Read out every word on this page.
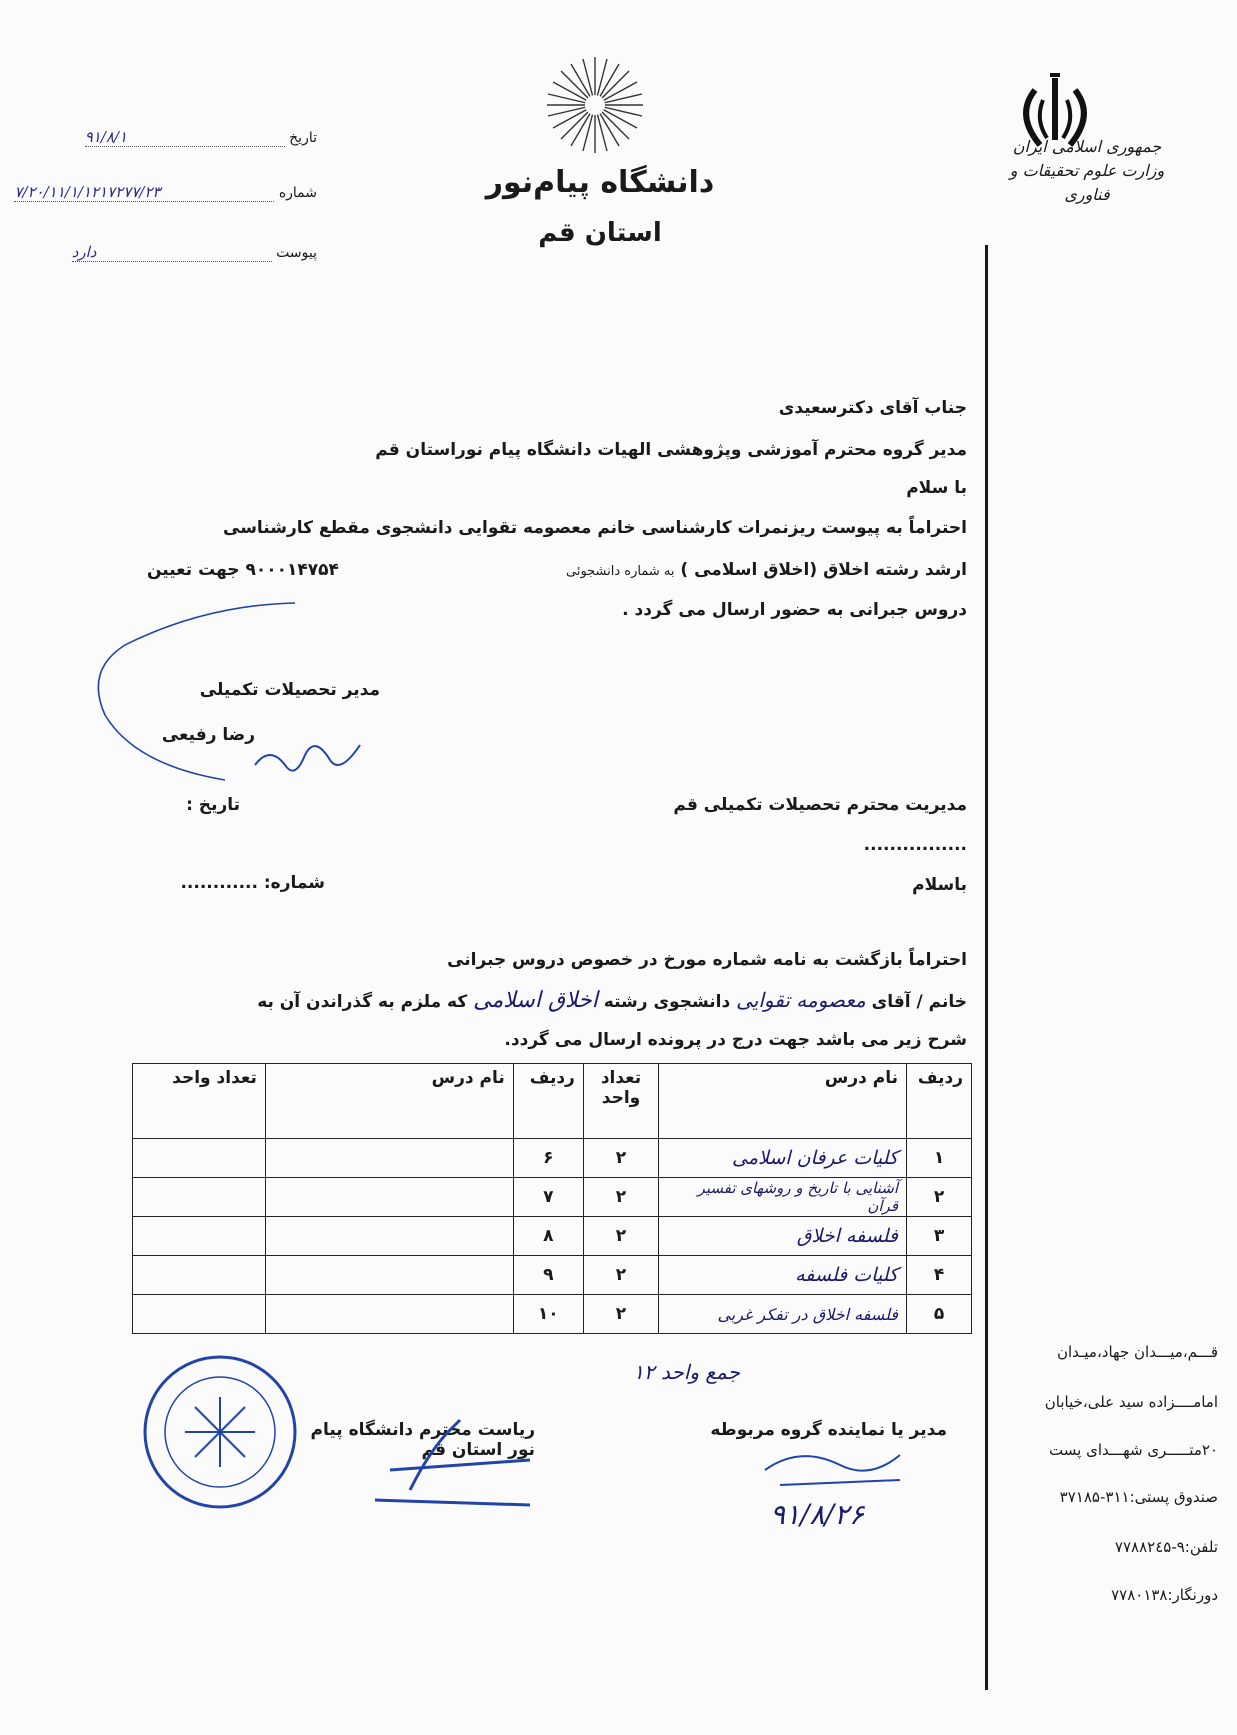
جمهوری اسلامی ایران
وزارت علوم تحقیقات و فناوری
دانشگاه پیام‌نور
استان قم
تاریخ ۹۱/۸/۱
شماره ۷/۲۰/۱۱/۱/۱۲۱۷۲۷۷/۲۳
پیوست دارد
جناب آقای دکترسعیدی
مدیر گروه محترم آموزشی وپژوهشی الهیات دانشگاه پیام نوراستان قم
با سلام
احتراماً به پیوست ریزنمرات کارشناسی خانم معصومه تقوایی دانشجوی مقطع کارشناسی
ارشد رشته اخلاق (اخلاق اسلامی ) به شماره دانشجوئی
۹۰۰۰۱۴۷۵۴ جهت تعیین
دروس جبرانی به حضور ارسال می گردد .
مدیر تحصیلات تکمیلی
رضا رفیعی
مدیریت محترم تحصیلات تکمیلی قم
................
تاریخ :
شماره: ............	باسلام
احتراماً بازگشت به نامه شماره مورخ در خصوص دروس جبرانی
خانم / آقای معصومه تقوایی دانشجوی رشته اخلاق اسلامی که ملزم به گذراندن آن به
شرح زیر می باشد جهت درج در پرونده ارسال می گردد.
ردیف	نام درس	تعداد
واحد	ردیف	نام درس	تعداد واحد
۱	کلیات عرفان اسلامی	۲	۶		
۲	آشنایی با تاریخ و روشهای تفسیر قرآن	۲	۷		
۳	فلسفه اخلاق	۲	۸		
۴	کلیات فلسفه	۲	۹		
۵	فلسفه اخلاق در تفکر غربی	۲	۱۰		
جمع واحد ۱۲
مدیر یا نماینده گروه مربوطه
۹۱/۸/۲۶
ریاست محترم دانشگاه پیام نور استان قم
قـــم،میـــدان جهاد،میـدان
امامــــزاده سید علی،خیابان
۲۰متـــــری شهـــدای پست
صندوق پستی:۳۱۱-۳۷۱۸۵
تلفن:۹-۷۷۸۸۲٤۵
دورنگار:۷۷۸۰۱۳۸
